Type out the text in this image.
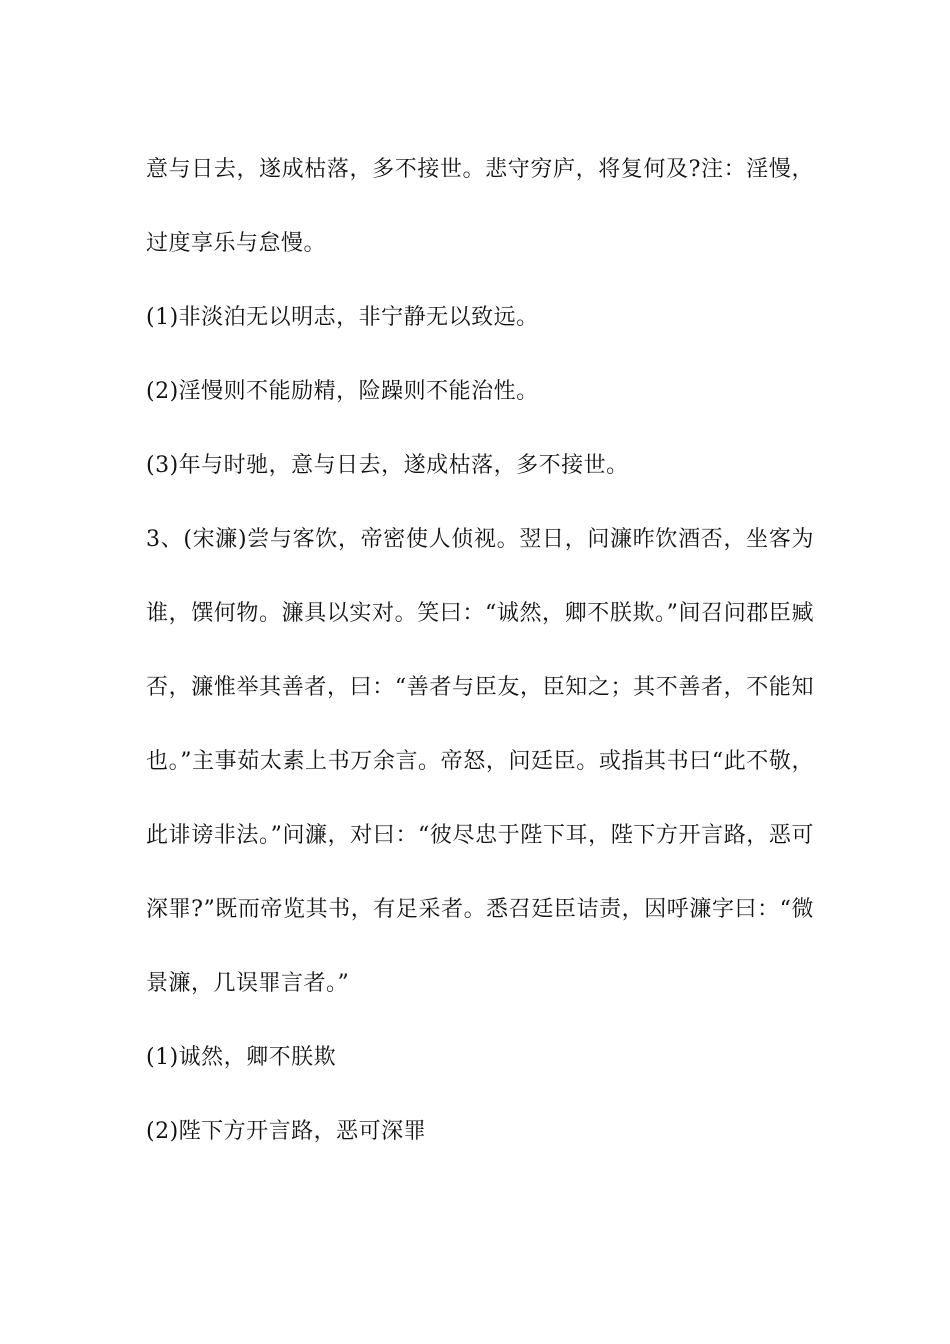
意与日去，遂成枯落，多不接世。悲守穷庐，将复何及?注：淫慢，过度享乐与怠慢。

(1)非淡泊无以明志，非宁静无以致远。

(2)淫慢则不能励精，险躁则不能治性。

(3)年与时驰，意与日去，遂成枯落，多不接世。

3、(宋濂)尝与客饮，帝密使人侦视。翌日，问濂昨饮酒否，坐客为谁，馔何物。濂具以实对。笑曰：“诚然，卿不朕欺。”间召问郡臣臧否，濂惟举其善者，曰：“善者与臣友，臣知之；其不善者，不能知也。”主事茹太素上书万余言。帝怒，问廷臣。或指其书曰“此不敬，此诽谤非法。”问濂，对曰：“彼尽忠于陛下耳，陛下方开言路，恶可深罪?”既而帝览其书，有足采者。悉召廷臣诘责，因呼濂字曰：“微景濂，几误罪言者。”

(1)诚然，卿不朕欺

(2)陛下方开言路，恶可深罪
